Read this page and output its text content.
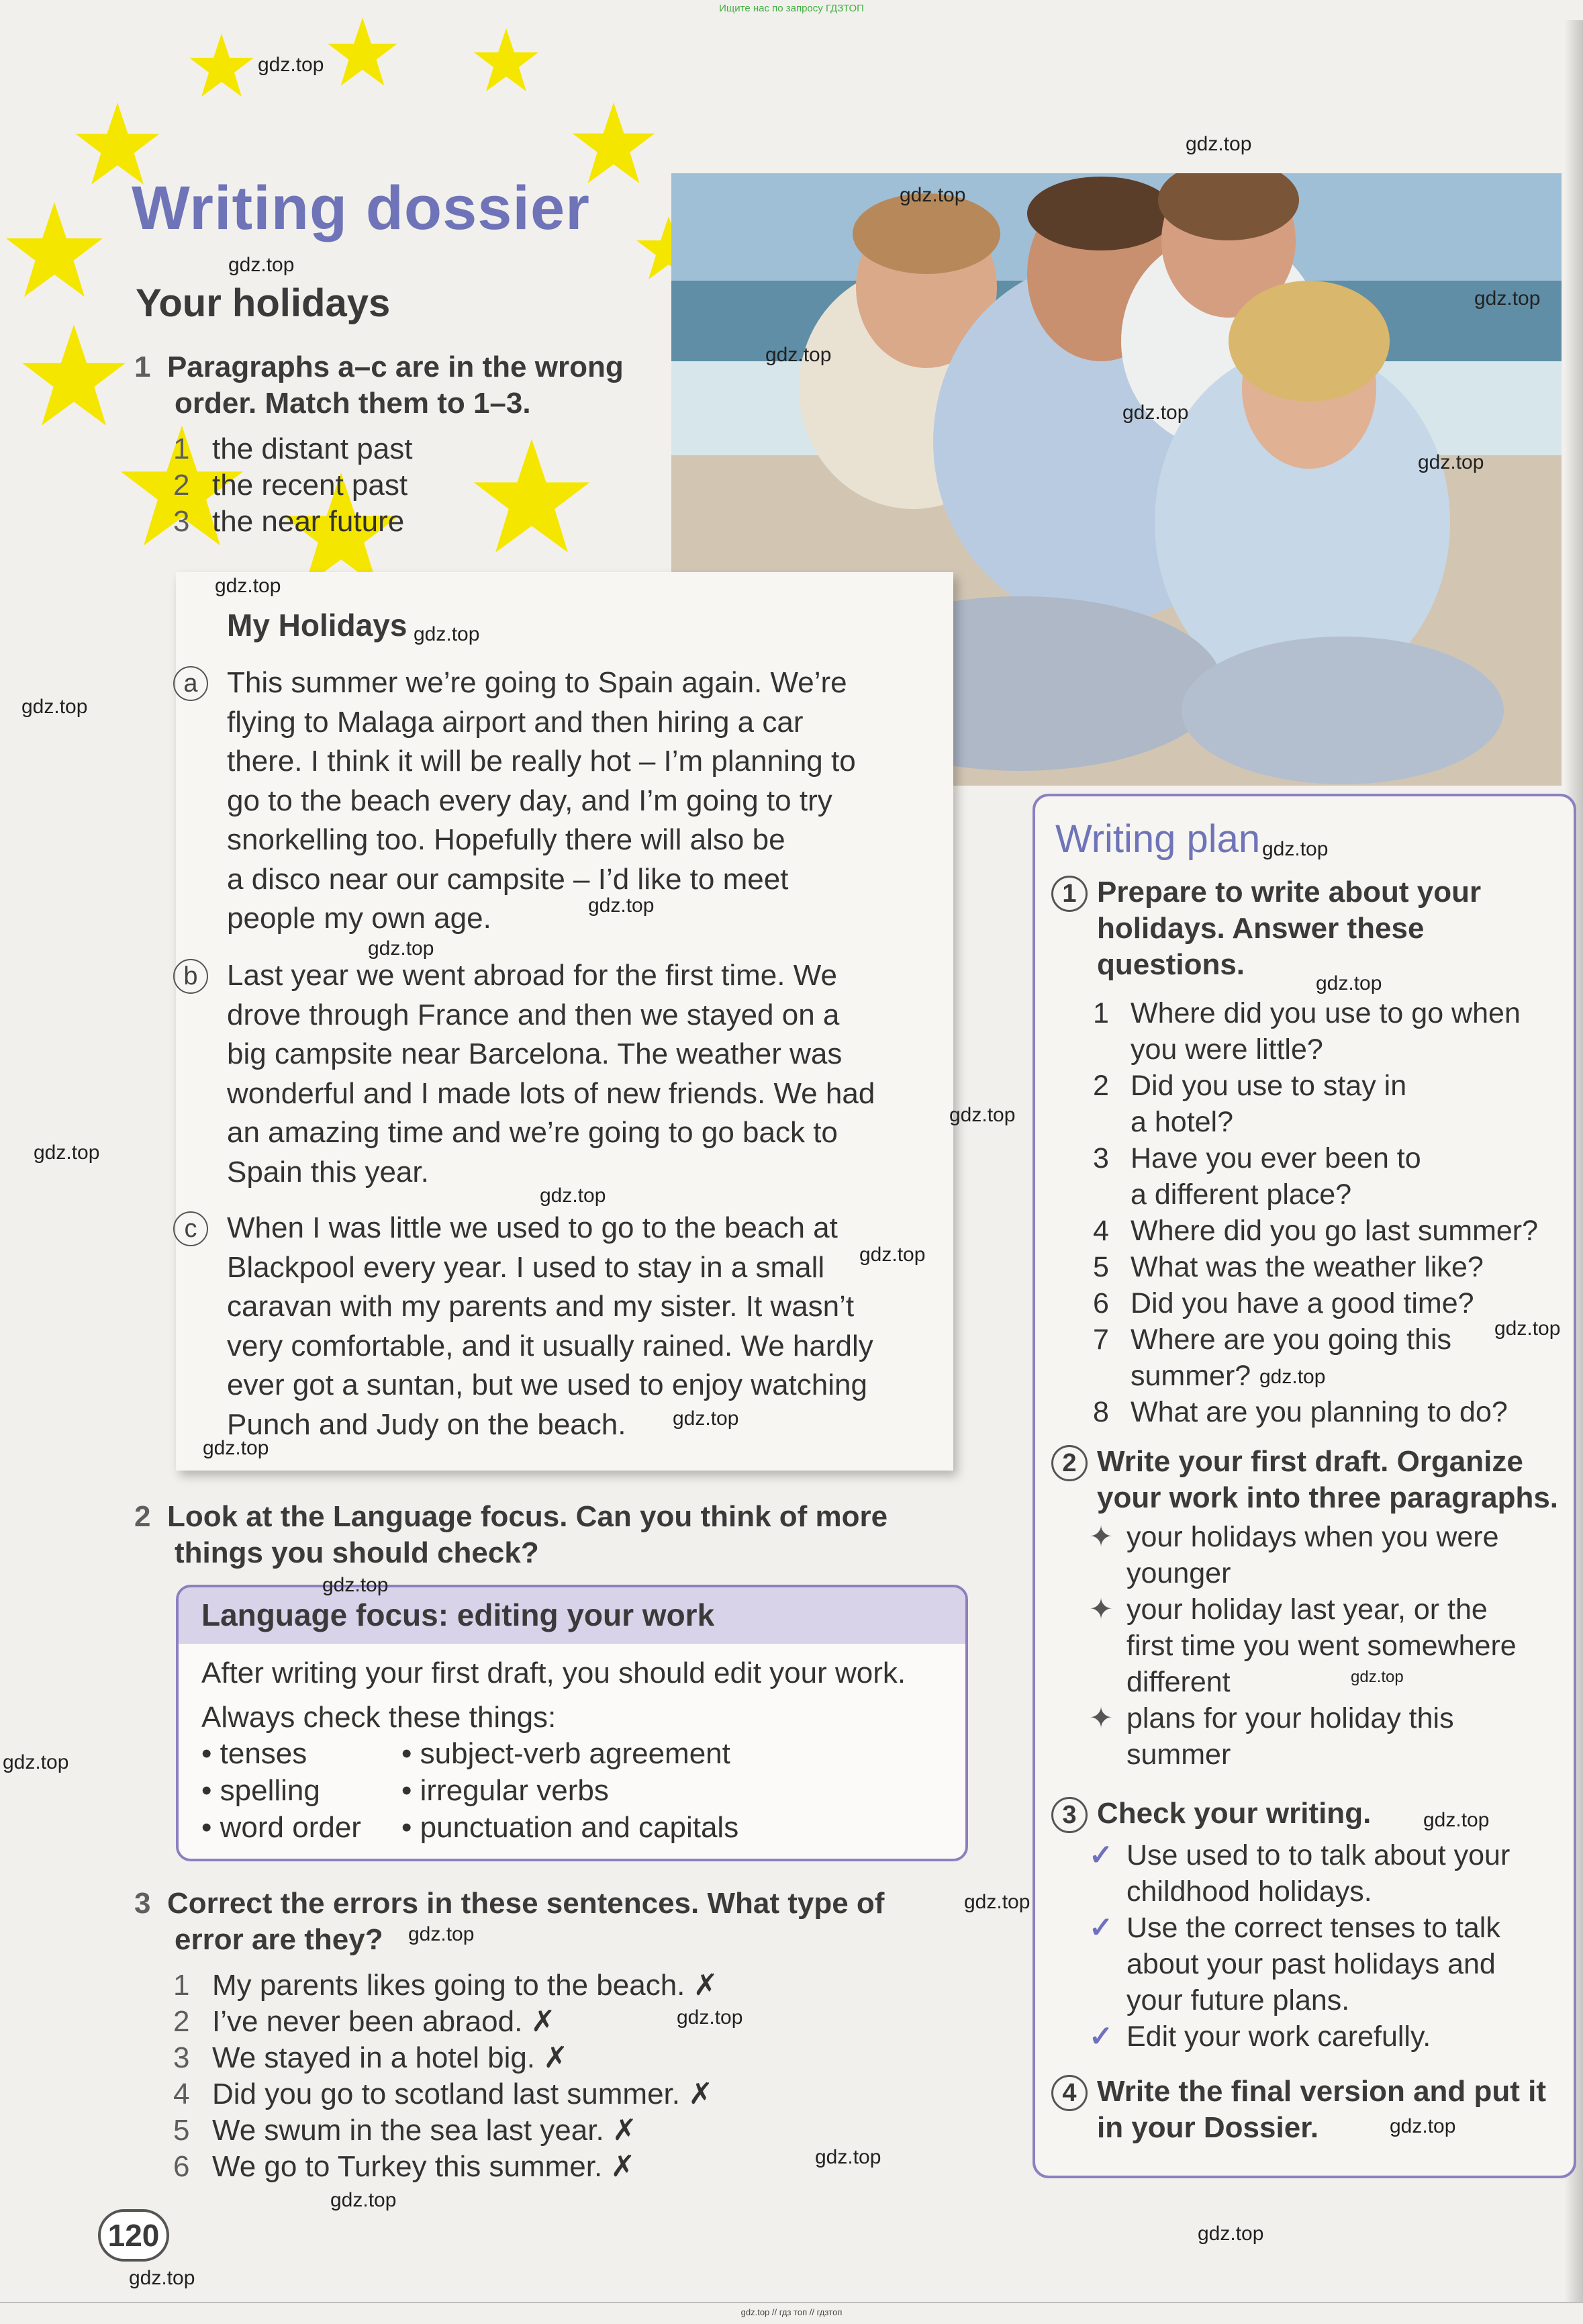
Ищите нас по запросу ГДЗТОП
Writing dossier
Your holidays
1 Paragraphs a–c are in the wrong
order. Match them to 1–3.
1 the distant past
2 the recent past
3 the near future
My Holidays
a This summer we’re going to Spain again. We’re
flying to Malaga airport and then hiring a car
there. I think it will be really hot – I’m planning to
go to the beach every day, and I’m going to try
snorkelling too. Hopefully there will also be
a disco near our campsite – I’d like to meet
people my own age.
b Last year we went abroad for the first time. We
drove through France and then we stayed on a
big campsite near Barcelona. The weather was
wonderful and I made lots of new friends. We had
an amazing time and we’re going to go back to
Spain this year.
c	When I was little we used to go to the beach at
Blackpool every year. I used to stay in a small
caravan with my parents and my sister. It wasn’t
very comfortable, and it usually rained. We hardly
ever got a suntan, but we used to enjoy watching
Punch and Judy on the beach.
2 Look at the Language focus. Can you think of more
things you should check?
Language focus: editing your work
After writing your first draft, you should edit your work.
Always check these things:
• tenses
• spelling
• word order
• subject-verb agreement
• irregular verbs
• punctuation and capitals
3 Correct the errors in these sentences. What type of
error are they?
1 My parents likes going to the beach. ✗
2 I’ve never been abraod. ✗
3 We stayed in a hotel big. ✗
4 Did you go to scotland last summer. ✗
5 We swum in the sea last year. ✗
6 We go to Turkey this summer. ✗
120
Writing plan
1 Prepare to write about your
holidays. Answer these
questions.
1 Where did you use to go when
you were little?
2 Did you use to stay in
a hotel?
3 Have you ever been to
a different place?
4 Where did you go last summer?
5 What was the weather like?
6 Did you have a good time?
7 Where are you going this
summer?
8 What are you planning to do?
2 Write your first draft. Organize
your work into three paragraphs.
✦ your holidays when you were
younger
✦ your holiday last year, or the
first time you went somewhere
different
✦ plans for your holiday this
summer
3 Check your writing.
✓ Use used to to talk about your
childhood holidays.
✓ Use the correct tenses to talk
about your past holidays and
your future plans.
✓ Edit your work carefully.
4 Write the final version and put it
in your Dossier.
gdz.top
gdz.top
gdz.top
gdz.top
gdz.top
gdz.top
gdz.top
gdz.top
gdz.top
gdz.top
gdz.top
gdz.top
gdz.top
gdz.top
gdz.top
gdz.top
gdz.top
gdz.top
gdz.top
gdz.top
gdz.top
gdz.top
gdz.top
gdz.top
gdz.top
gdz.top
gdz.top
gdz.top
gdz.top
gdz.top
gdz.top
gdz.top
gdz.top
gdz.top
gdz.top
gdz.top // гдз топ // гдзтоп
